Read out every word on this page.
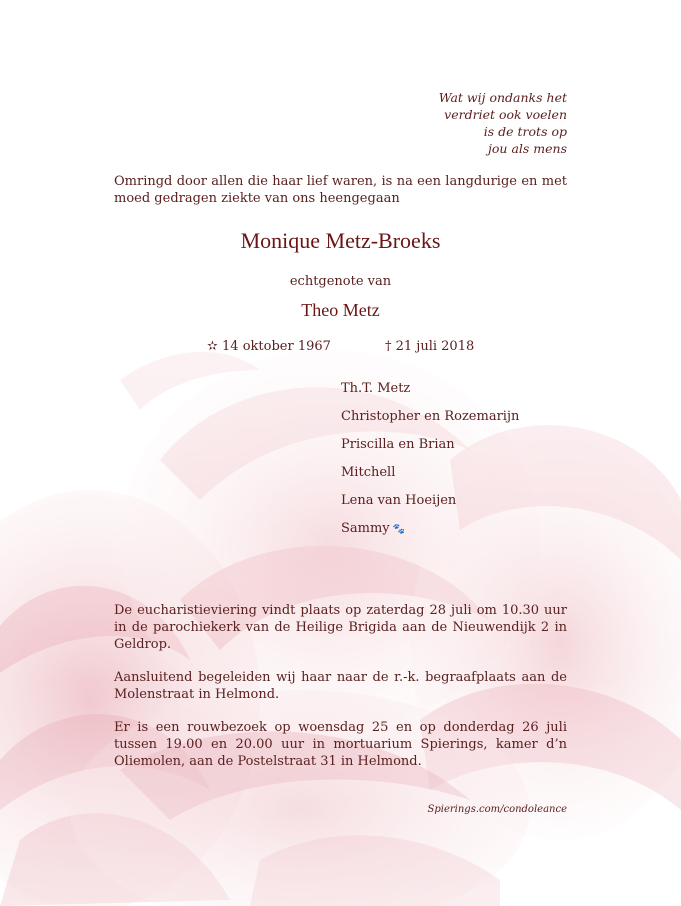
Wat wij ondanks het
verdriet ook voelen
is de trots op
jou als mens
Omringd door allen die haar lief waren, is na een langdurige en met moed gedragen ziekte van ons heengegaan
Monique Metz-Broeks
echtgenote van
Theo Metz
✫ 14 oktober 1967	† 21 juli 2018
Th.T. Metz
Christopher en Rozemarijn
Priscilla en Brian
Mitchell
Lena van Hoeijen
Sammy 🐾
De eucharistieviering vindt plaats op zaterdag 28 juli om 10.30 uur in de parochiekerk van de Heilige Brigida aan de Nieuwendijk 2 in Geldrop.
Aansluitend begeleiden wij haar naar de r.-k. begraafplaats aan de Molenstraat in Helmond.
Er is een rouwbezoek op woensdag 25 en op donderdag 26 juli tussen 19.00 en 20.00 uur in mortuarium Spierings, kamer d’n Oliemolen, aan de Postelstraat 31 in Helmond.
Spierings.com/condoleance
